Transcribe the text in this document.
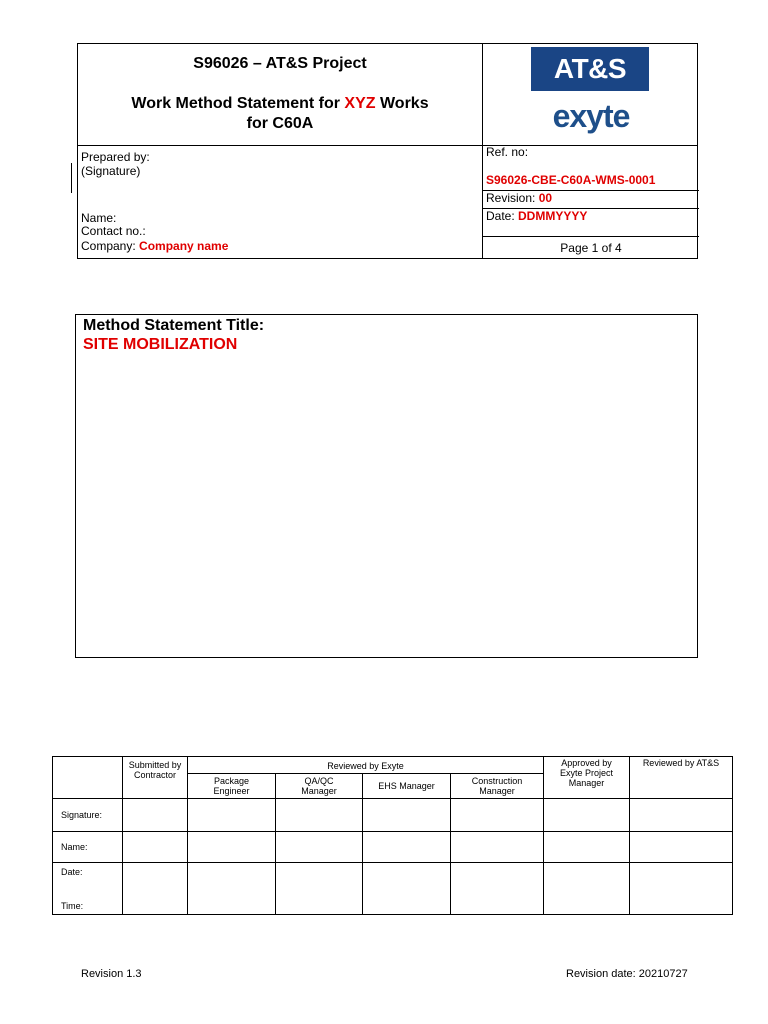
S96026 – AT&S Project
Work Method Statement for XYZ Works
for C60A
AT&S
exyte
Prepared by:
(Signature)
Name:
Contact no.:
Company: Company name
Ref. no:
S96026-CBE-C60A-WMS-0001
Revision: 00
Date: DDMMYYYY
Page 1 of 4
Method Statement Title:
SITE MOBILIZATION
	Submitted by Contractor	Reviewed by Exyte				Approved by Exyte Project Manager	Reviewed by AT&S
		Package Engineer	QA/QC Manager	EHS Manager	Construction Manager		
Signature:							
Name:							

Date:
Time:							

Revision 1.3	Revision date: 20210727
